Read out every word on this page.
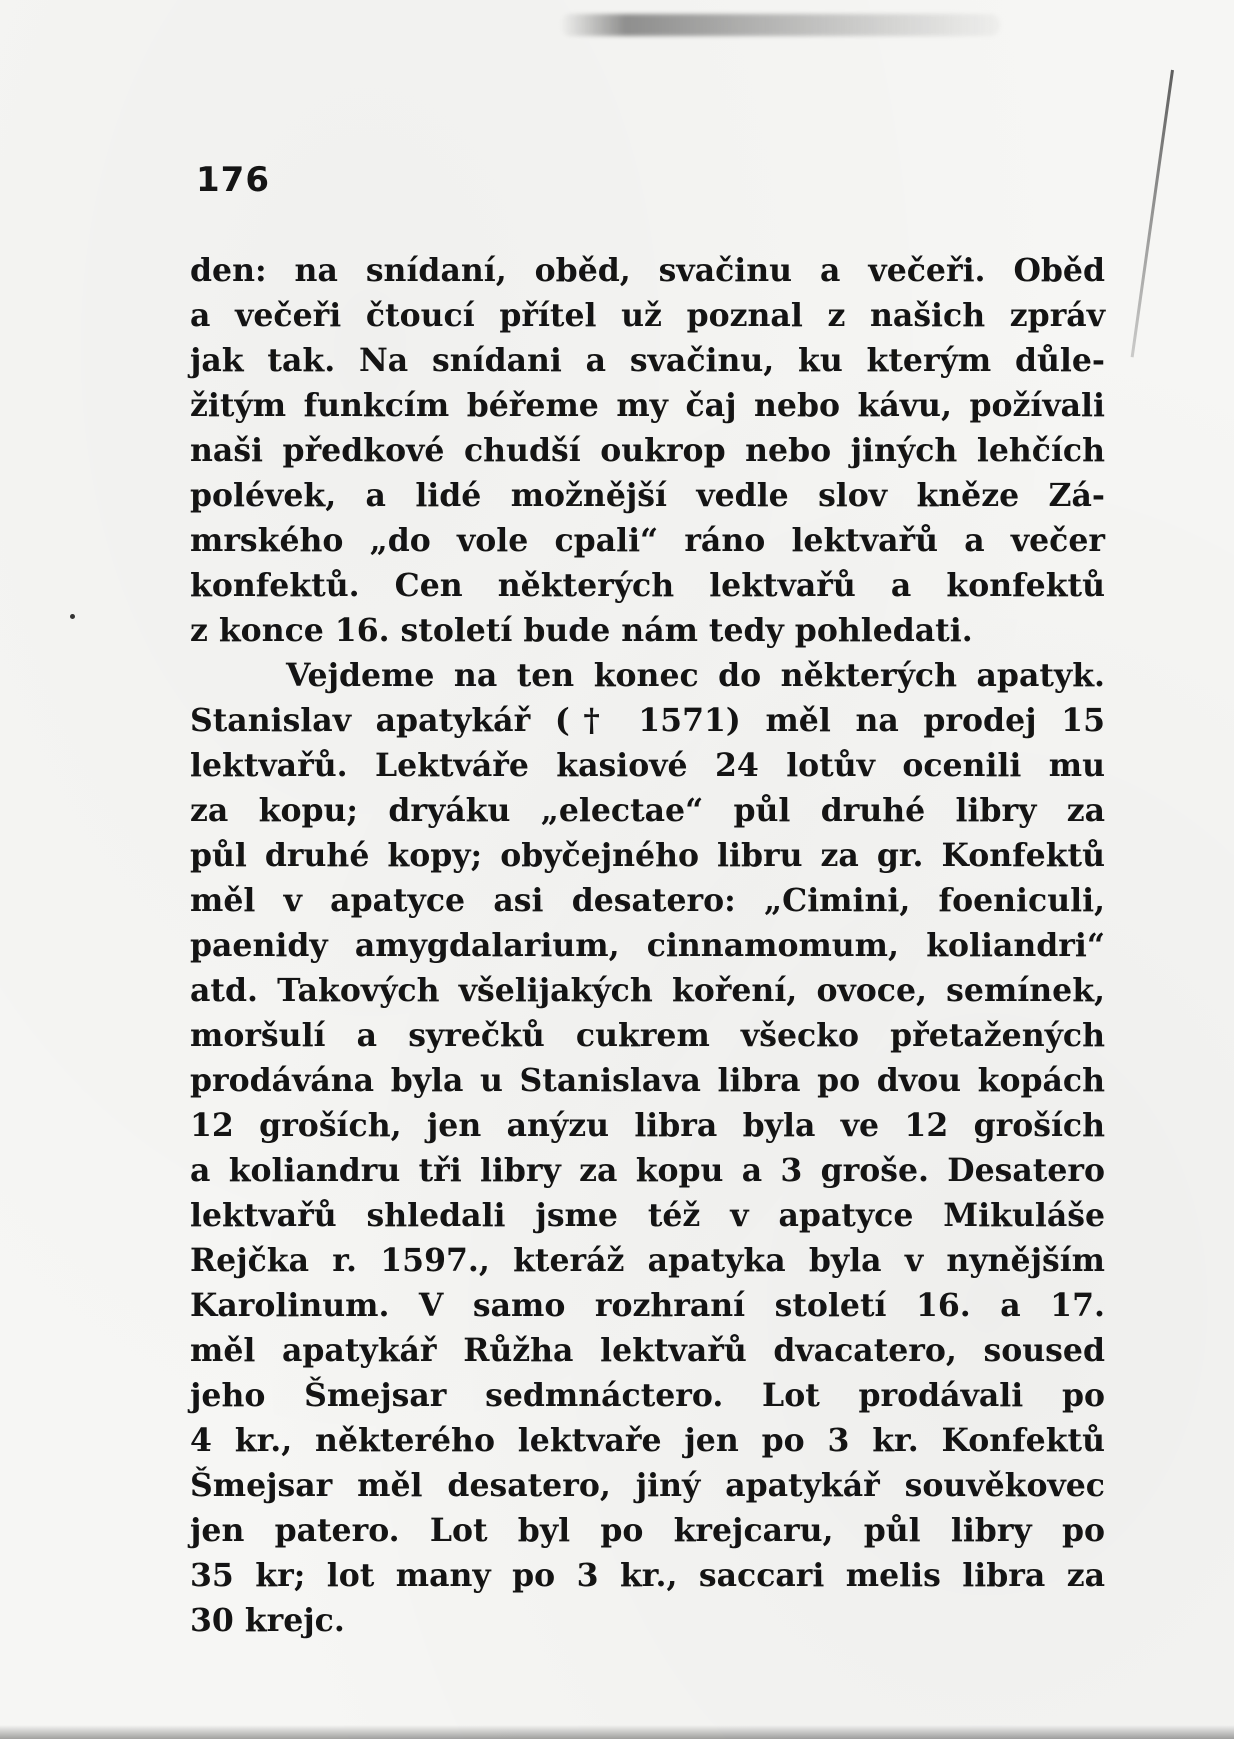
176
den: na snídaní, oběd, svačinu a večeři. Oběd
a večeři čtoucí přítel už poznal z našich zpráv
jak tak. Na snídani a svačinu, ku kterým důle-
žitým funkcím béřeme my čaj nebo kávu, požívali
naši předkové chudší oukrop nebo jiných lehčích
polévek, a lidé možnější vedle slov kněze Zá-
mrského „do vole cpali“ ráno lektvařů a večer
konfektů. Cen některých lektvařů a konfektů
z konce 16. století bude nám tedy pohledati.
Vejdeme na ten konec do některých apatyk.
Stanislav apatykář († 1571) měl na prodej 15
lektvařů. Lektváře kasiové 24 lotův ocenili mu
za kopu; dryáku „electae“ půl druhé libry za
půl druhé kopy; obyčejného libru za gr. Konfektů
měl v apatyce asi desatero: „Cimini, foeniculi,
paenidy amygdalarium, cinnamomum, koliandri“
atd. Takových všelijakých koření, ovoce, semínek,
moršulí a syrečků cukrem všecko přetažených
prodávána byla u Stanislava libra po dvou kopách
12 groších, jen anýzu libra byla ve 12 groších
a koliandru tři libry za kopu a 3 groše. Desatero
lektvařů shledali jsme též v apatyce Mikuláše
Rejčka r. 1597., kteráž apatyka byla v nynějším
Karolinum. V samo rozhraní století 16. a 17.
měl apatykář Růžha lektvařů dvacatero, soused
jeho Šmejsar sedmnáctero. Lot prodávali po
4 kr., některého lektvaře jen po 3 kr. Konfektů
Šmejsar měl desatero, jiný apatykář souvěkovec
jen patero. Lot byl po krejcaru, půl libry po
35 kr; lot many po 3 kr., saccari melis libra za
30 krejc.
